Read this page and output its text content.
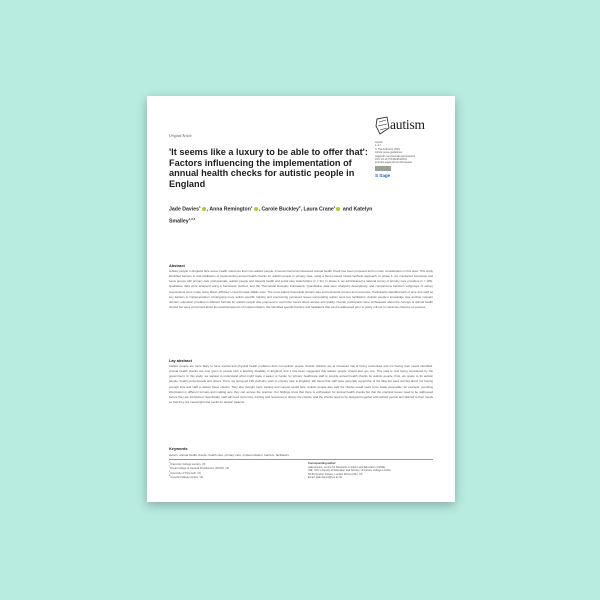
Original Article
autism
Autism
1–17
© The Author(s) 2024
Article reuse guidelines:
sagepub.com/journals-permissions
DOI: 10.1177/13623613241
journals.sagepub.com/home/aut
S Sage
'It seems like a luxury to be able to offer that': Factors influencing the implementation of annual health checks for autistic people in England
Jade Davies$^1$ , Anna Remington$^1$ , Carole Buckley$^2$, Laura Crane$^1$ and Katelyn Smalley$^{1,3,4}$
Abstract
Autistic people in England face worse health outcomes than non-autistic people. A Government-commissioned annual health check has been proposed and is under consideration in this area. This study identified barriers to and facilitators of implementing annual health checks for autistic people in primary care, using a theory-based mixed-methods approach. In phase 1, we conducted interviews and focus groups with primary care professionals, autistic people and relevant health and social care stakeholders (n = 31). In phase 2, we administered a national survey of primary care providers (n = 196). Qualitative data were analysed using a framework method, and the Theoretical Domains Framework. Quantitative data were analysed descriptively, and comparisons between subgroups of survey respondents were made using Mann–Whitney U and Kruskal–Wallis tests. The most salient theoretical domain was environmental context and resources. Participants identified lack of time and staff as key barriers to implementation. Undergoing more autism-specific training and overcoming perceived issues surrounding autism were key facilitators. Autistic people's knowledge was another relevant domain; education provided in different formats for autistic people was proposed to overcome issues about access and quality. Overall, participants were enthusiastic about the concept of annual health checks but were concerned about the practical aspects of implementation. We identified specific barriers and facilitators that can be addressed prior to policy roll-out to maximise chances of success.
Lay abstract
Autistic people are more likely to have mental and physical health problems than non-autistic people. Autistic children are at increased risk of being overlooked and not having their needs identified. Annual health checks are now given to people with a learning disability in England, and it has been suggested that autistic people should also get one. This idea is now being considered by the government. In this study, we wanted to understand what might make it easier or harder for primary healthcare staff to provide annual health checks for autistic people. First, we spoke to 31 autistic people, health professionals and others. Then, we surveyed 196 staff who work in primary care in England. We found that staff were generally supportive of the idea but were worried about not having enough time and staff to deliver these checks. They also thought more training and support would help. Autistic people also said the checks would need to be made accessible, for example, providing information in different formats and making sure they can access the practice. Our findings show that there is enthusiasm for annual health checks but that the practical issues need to be addressed before they are introduced. Specifically, staff will need more time, training and resources to deliver the checks, and the checks need to be designed together with autistic people and tailored to their needs so that they are meaningful and useful for autistic patients.
Keywords
autism, annual health checks, health care, primary care, implementation, barriers, facilitators
$^1$University College London, UK
$^2$Royal College of General Practitioners (RCGP), UK
$^3$University of Plymouth, UK
$^4$Imperial College London, UK
Corresponding author:
Jade Davies, Centre for Research in Autism and Education (CRAE),
IOE, UCL's Faculty of Education and Society, University College London,
55-59 Gordon Square, London WC1H 0NU, UK.
Email: jade.davies@ucl.ac.uk
